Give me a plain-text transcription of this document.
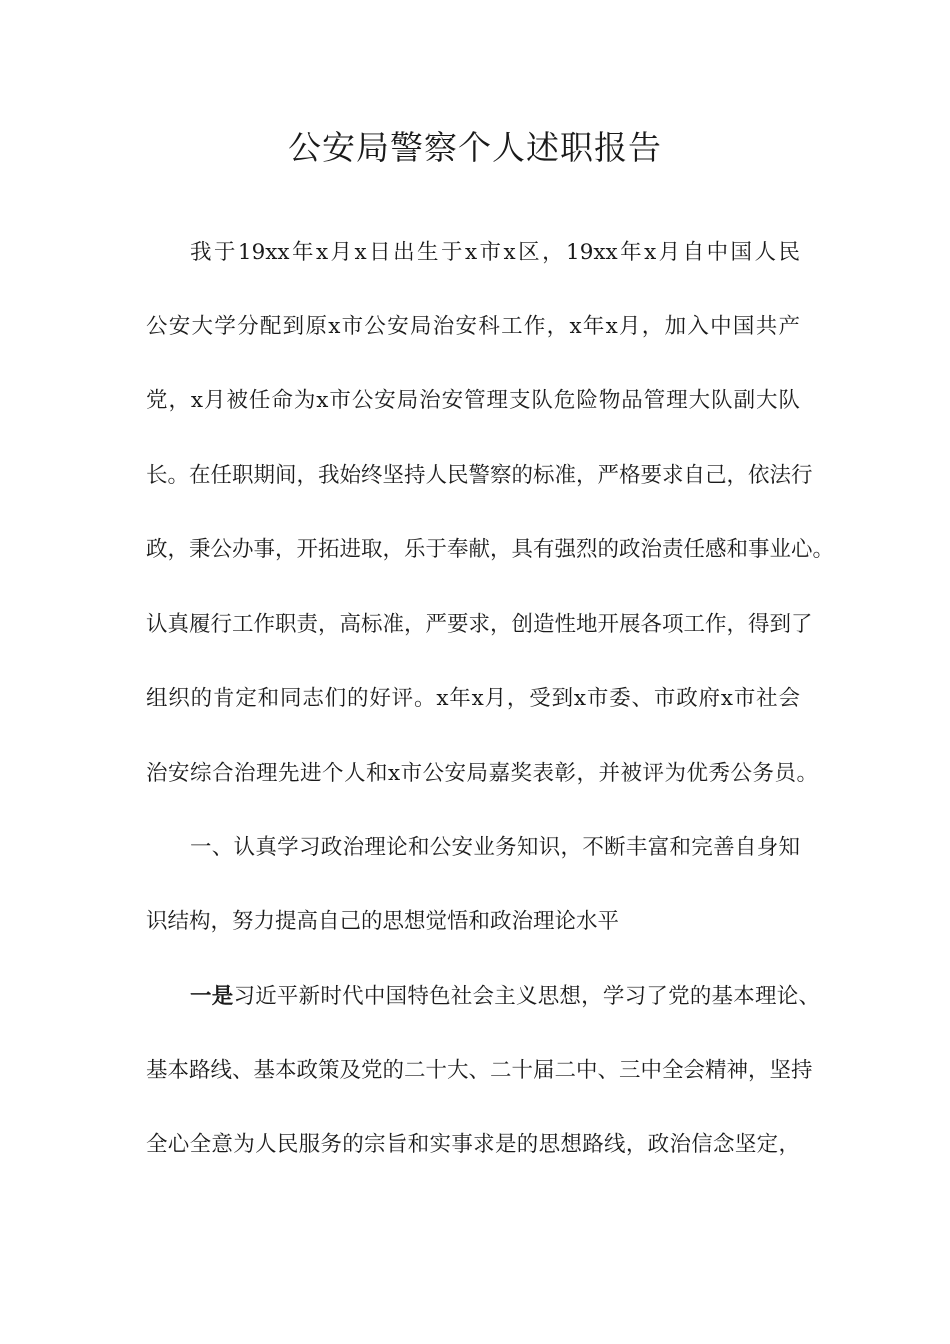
公安局警察个人述职报告
我于19xx年x月x日出生于x市x区，19xx年x月自中国人民
公安大学分配到原x市公安局治安科工作，x年x月，加入中国共产
党，x月被任命为x市公安局治安管理支队危险物品管理大队副大队
长。在任职期间，我始终坚持人民警察的标准，严格要求自己，依法行
政，秉公办事，开拓进取，乐于奉献，具有强烈的政治责任感和事业心。
认真履行工作职责，高标准，严要求，创造性地开展各项工作，得到了
组织的肯定和同志们的好评。x年x月，受到x市委、市政府x市社会
治安综合治理先进个人和x市公安局嘉奖表彰，并被评为优秀公务员。
一、认真学习政治理论和公安业务知识，不断丰富和完善自身知
识结构，努力提高自己的思想觉悟和政治理论水平
一是习近平新时代中国特色社会主义思想，学习了党的基本理论、
基本路线、基本政策及党的二十大、二十届二中、三中全会精神，坚持
全心全意为人民服务的宗旨和实事求是的思想路线，政治信念坚定，
